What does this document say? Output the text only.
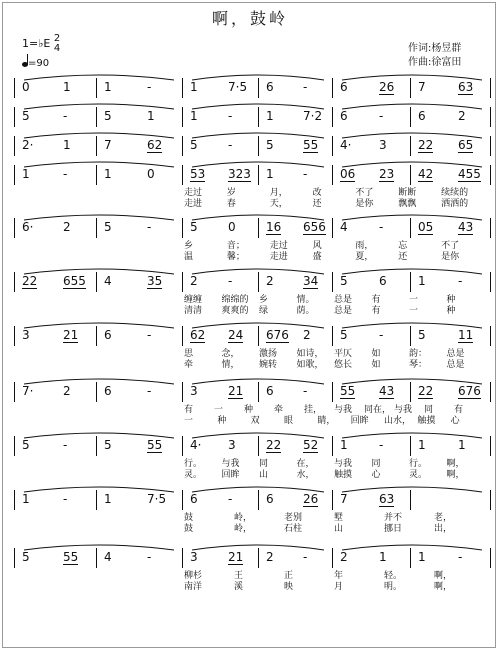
啊，鼓岭
1=♭E 2
4
=90
作词:杨昱群
作曲:徐富田
0	1	1	-	1	7·5 6 -	6	26 7	63
5	-	5	1	1	-	1 7·2 6	-	6	2
2· 1	7	62 5	-	5 55 4· 3	22 65
1	-	1	0	53 323 1 -	06 23 42 455
走过	岁	月，	改	不了	断断	续续的
走进	春	天，	还	是你	飘飘	洒洒的
6· 2	5	-	5	0	16 656 4	-	05 43
乡	音；	走过	风	雨，	忘	不了
温	馨；	走进	盛	夏，	还	是你
22 655 4	35 2	-	2 34 5	6	1	-
缠缠 绵绵的 乡	情。 总是 有	一	种
清清 爽爽的 绿	荫。 总是 有	一	种
3	21 6	-	62 24 676 2 5	-	5	11
思	念， 激扬 如诗， 平仄 如	韵： 总是
牵	情， 婉转 如歌， 悠长 如	琴： 总是
7· 2	6	-	3	21 6 -	55 43 22 676
有 一 种 牵 挂， 与我 同在， 与我 同 有
一	种	双	眼	睛， 回眸 山水， 触摸 心
5	-	5	55 4· 3	22 52 1	-	1	1
行。 与我 同	在， 与我 同	行。 啊，
灵。 回眸 山	水， 触摸 心	灵。 啊，
1	-	1	7·5 6	-	6 26 7	63
鼓	岭，	老别	墅	并不	老，
鼓	岭，	石柱	山	挪日	出，
5	55 4	-	3	21 2 -	2	1	1	-
柳杉	王	正	年	轻。	啊，
南洋	溪	映	月	明。	啊，
